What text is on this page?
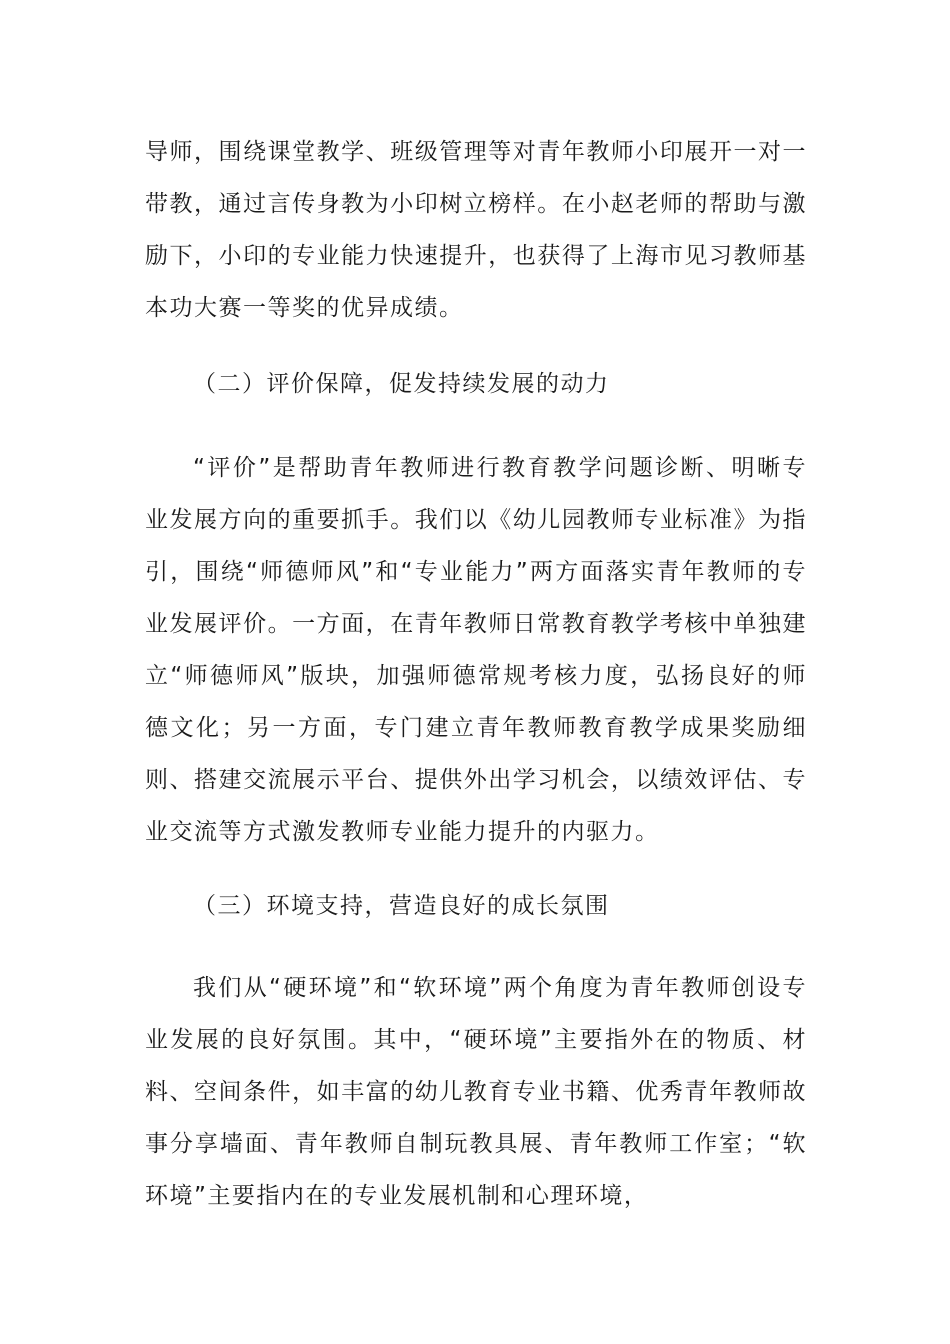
导师，围绕课堂教学、班级管理等对青年教师小印展开一对一带教，通过言传身教为小印树立榜样。在小赵老师的帮助与激励下，小印的专业能力快速提升，也获得了上海市见习教师基本功大赛一等奖的优异成绩。

（二）评价保障，促发持续发展的动力

“评价”是帮助青年教师进行教育教学问题诊断、明晰专业发展方向的重要抓手。我们以《幼儿园教师专业标准》为指引，围绕“师德师风”和“专业能力”两方面落实青年教师的专业发展评价。一方面，在青年教师日常教育教学考核中单独建立“师德师风”版块，加强师德常规考核力度，弘扬良好的师德文化；另一方面，专门建立青年教师教育教学成果奖励细则、搭建交流展示平台、提供外出学习机会，以绩效评估、专业交流等方式激发教师专业能力提升的内驱力。

（三）环境支持，营造良好的成长氛围

我们从“硬环境”和“软环境”两个角度为青年教师创设专业发展的良好氛围。其中，“硬环境”主要指外在的物质、材料、空间条件，如丰富的幼儿教育专业书籍、优秀青年教师故事分享墙面、青年教师自制玩教具展、青年教师工作室；“软环境”主要指内在的专业发展机制和心理环境，
